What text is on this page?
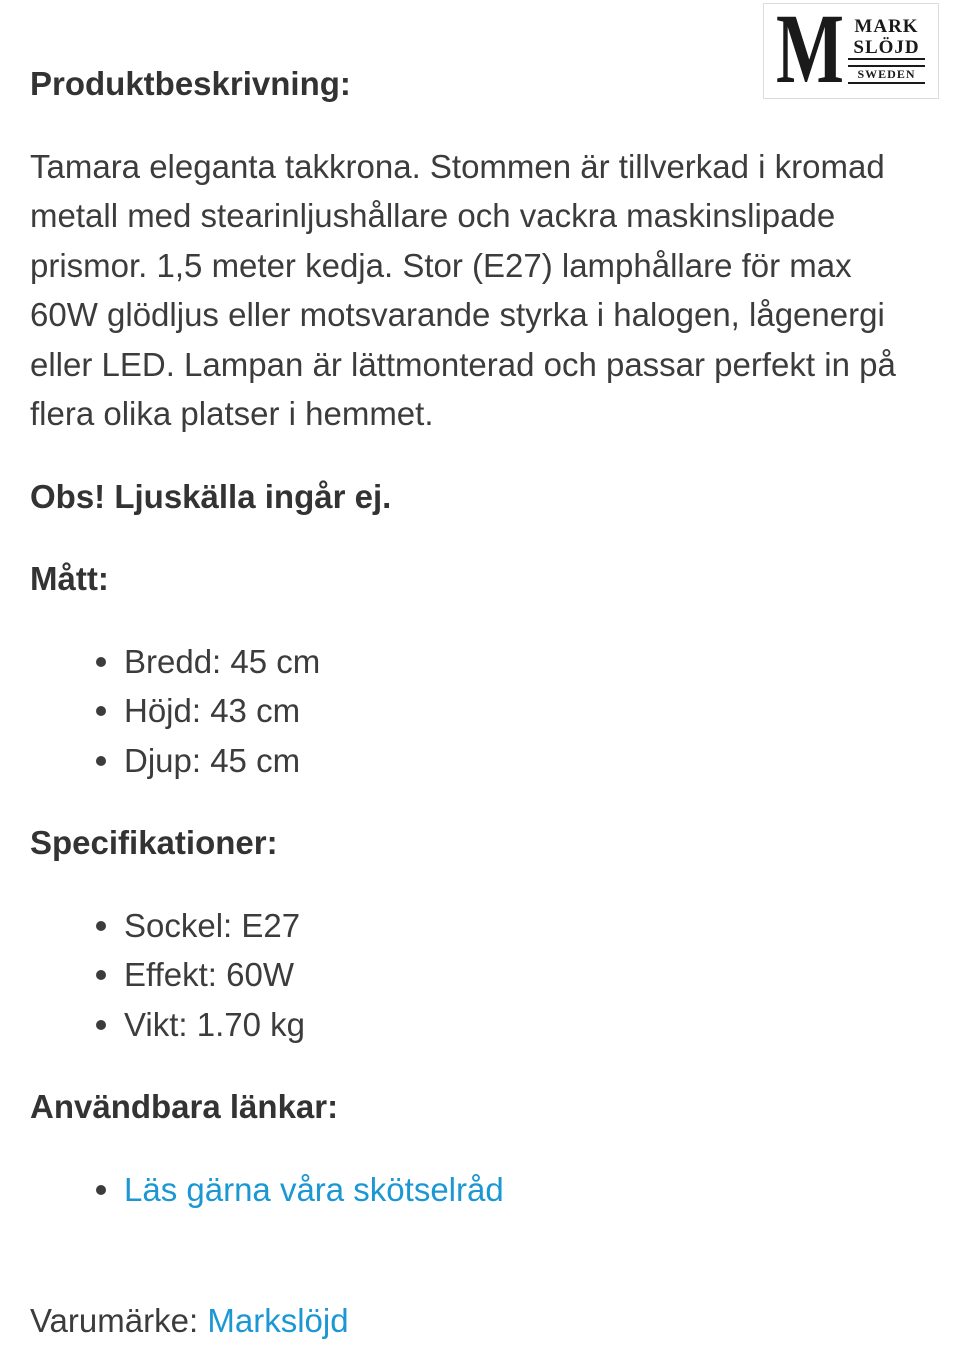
M MARK
SLÖJD
SWEDEN
Produktbeskrivning:

Tamara eleganta takkrona. Stommen är tillverkad i kromad
metall med stearinljushållare och vackra maskinslipade
prismor. 1,5 meter kedja. Stor (E27) lamphållare för max
60W glödljus eller motsvarande styrka i halogen, lågenergi
eller LED. Lampan är lättmonterad och passar perfekt in på
flera olika platser i hemmet.

Obs! Ljuskälla ingår ej.

Mått:
Bredd: 45 cm
Höjd: 43 cm
Djup: 45 cm
Specifikationer:
Sockel: E27
Effekt: 60W
Vikt: 1.70 kg
Användbara länkar:
Läs gärna våra skötselråd
Varumärke: Markslöjd
